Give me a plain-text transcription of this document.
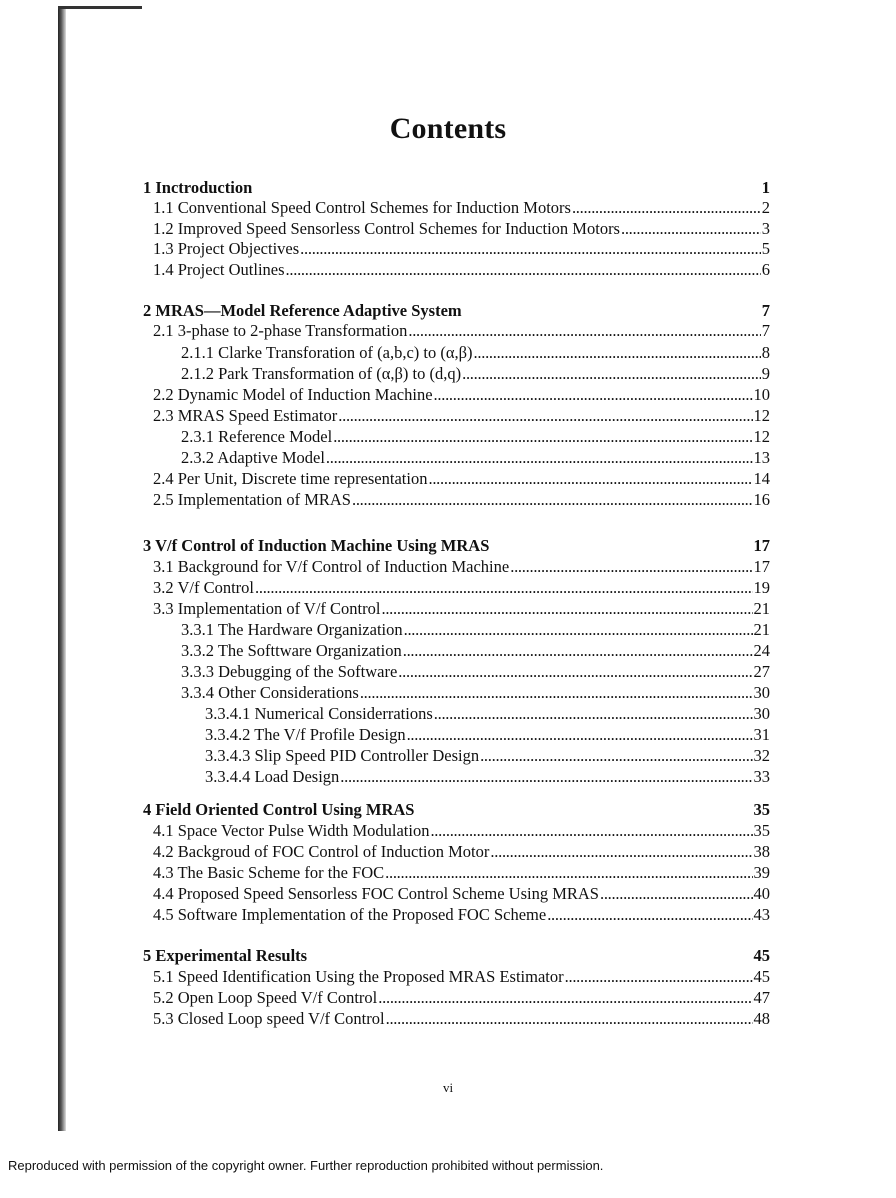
Contents
1 Inctroduction	1
1.1 Conventional Speed Control Schemes for Induction Motors . . .	2
1.2 Improved Speed Sensorless Control Schemes for Induction Motors . . .	3
1.3 Project Objectives . . .	5
1.4 Project Outlines . . .	6
2 MRAS—Model Reference Adaptive System	7
2.1 3-phase to 2-phase Transformation . . .	7
2.1.1 Clarke Transforation of (a,b,c) to (α,β) . . .	8
2.1.2 Park Transformation of (α,β) to (d,q) . . .	9
2.2 Dynamic Model of Induction Machine . . .	10
2.3 MRAS Speed Estimator . . .	12
2.3.1 Reference Model . . .	12
2.3.2 Adaptive Model . . .	13
2.4 Per Unit, Discrete time representation . . .	14
2.5 Implementation of MRAS . . .	16
3 V/f Control of Induction Machine Using MRAS	17
3.1 Background for V/f Control of Induction Machine . . .	17
3.2 V/f Control . . .	19
3.3 Implementation of V/f Control . . .	21
3.3.1 The Hardware Organization . . .	21
3.3.2 The Softtware Organization . . .	24
3.3.3 Debugging of the Software . . .	27
3.3.4 Other Considerations . . .	30
3.3.4.1 Numerical Considerrations . . .	30
3.3.4.2 The V/f Profile Design . . .	31
3.3.4.3 Slip Speed PID Controller Design . . .	32
3.3.4.4 Load Design . . .	33
4 Field Oriented Control Using MRAS	35
4.1 Space Vector Pulse Width Modulation . . .	35
4.2 Backgroud of FOC Control of Induction Motor . . .	38
4.3 The Basic Scheme for the FOC . . .	39
4.4 Proposed Speed Sensorless FOC Control Scheme Using MRAS . . .	40
4.5 Software Implementation of the Proposed FOC Scheme . . .	43
5 Experimental Results	45
5.1 Speed Identification Using the Proposed MRAS Estimator . . .	45
5.2 Open Loop Speed V/f Control . . .	47
5.3 Closed Loop speed V/f Control . . .	48
vi
Reproduced with permission of the copyright owner. Further reproduction prohibited without permission.
